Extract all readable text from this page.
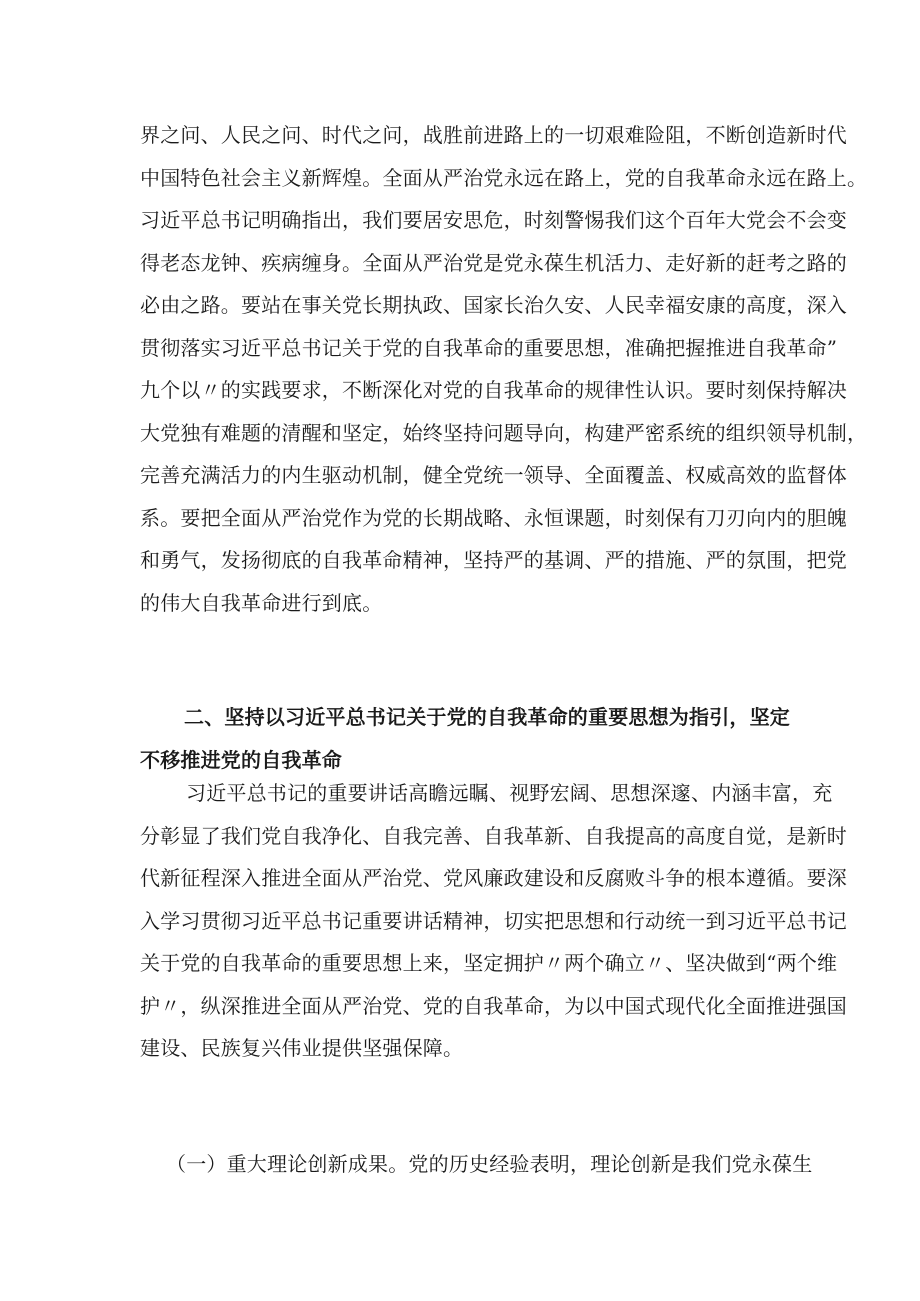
界之问、人民之问、时代之问，战胜前进路上的一切艰难险阻，不断创造新时代
中国特色社会主义新辉煌。全面从严治党永远在路上，党的自我革命永远在路上。
习近平总书记明确指出，我们要居安思危，时刻警惕我们这个百年大党会不会变
得老态龙钟、疾病缠身。全面从严治党是党永葆生机活力、走好新的赶考之路的
必由之路。要站在事关党长期执政、国家长治久安、人民幸福安康的高度，深入
贯彻落实习近平总书记关于党的自我革命的重要思想，准确把握推进自我革命”
九个以〃的实践要求，不断深化对党的自我革命的规律性认识。要时刻保持解决
大党独有难题的清醒和坚定，始终坚持问题导向，构建严密系统的组织领导机制，
完善充满活力的内生驱动机制，健全党统一领导、全面覆盖、权威高效的监督体
系。要把全面从严治党作为党的长期战略、永恒课题，时刻保有刀刃向内的胆魄
和勇气，发扬彻底的自我革命精神，坚持严的基调、严的措施、严的氛围，把党
的伟大自我革命进行到底。
二、坚持以习近平总书记关于党的自我革命的重要思想为指引，坚定
不移推进党的自我革命
习近平总书记的重要讲话高瞻远瞩、视野宏阔、思想深邃、内涵丰富，充
分彰显了我们党自我净化、自我完善、自我革新、自我提高的高度自觉，是新时
代新征程深入推进全面从严治党、党风廉政建设和反腐败斗争的根本遵循。要深
入学习贯彻习近平总书记重要讲话精神，切实把思想和行动统一到习近平总书记
关于党的自我革命的重要思想上来，坚定拥护〃两个确立〃、坚决做到“两个维
护〃，纵深推进全面从严治党、党的自我革命，为以中国式现代化全面推进强国
建设、民族复兴伟业提供坚强保障。
（一）重大理论创新成果。党的历史经验表明，理论创新是我们党永葆生
